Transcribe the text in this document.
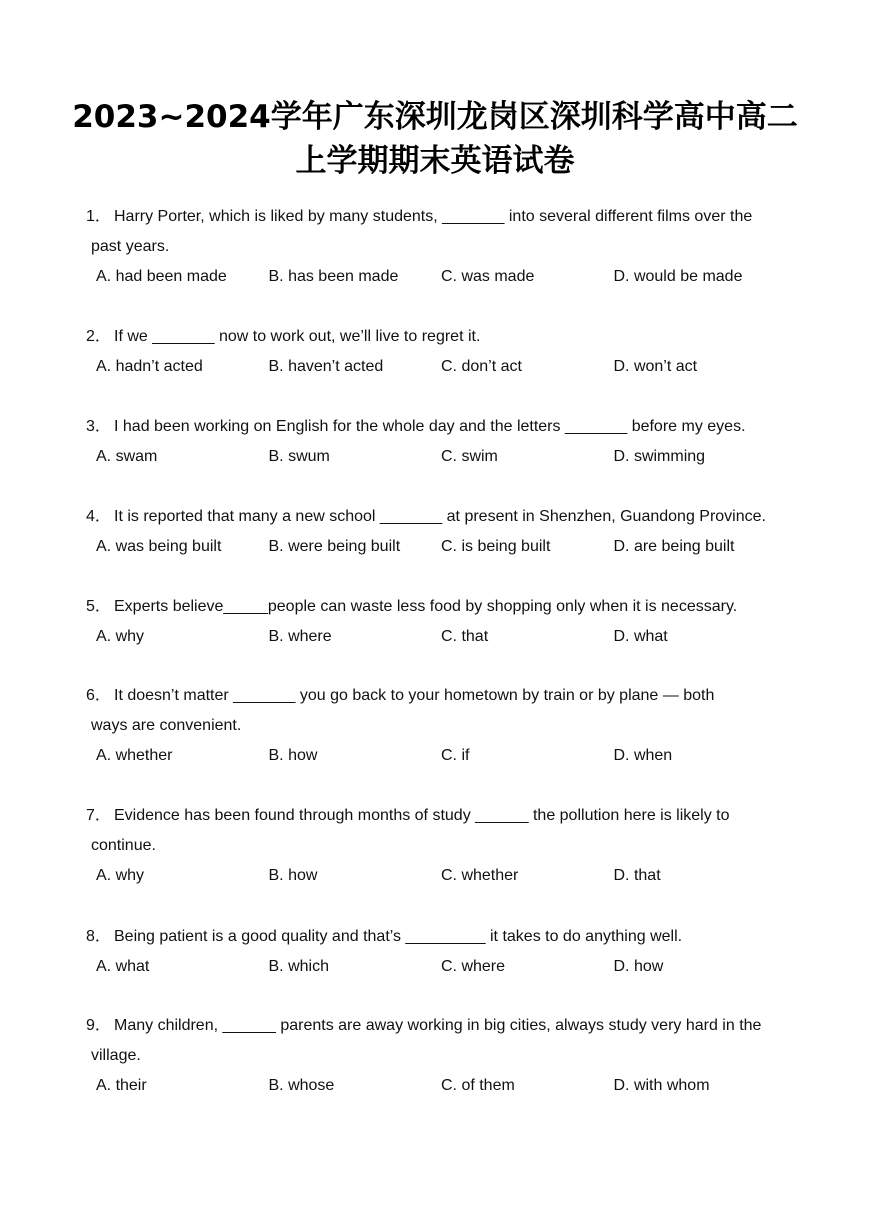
2023~2024学年广东深圳龙岗区深圳科学高中高二
上学期期末英语试卷
1． Harry Porter, which is liked by many students, _______ into several different films over the
past years.
A. had been made	B. has been made	C. was made	D. would be made
2． If we _______ now to work out, we’ll live to regret it.
A. hadn’t acted	B. haven’t acted	C. don’t act	D. won’t act
3． I had been working on English for the whole day and the letters _______ before my eyes.
A. swam	B. swum	C. swim	D. swimming
4． It is reported that many a new school _______ at present in Shenzhen, Guandong Province.
A. was being built	B. were being built	C. is being built	D. are being built
5． Experts believe_____people can waste less food by shopping only when it is necessary.
A. why	B. where	C. that	D. what
6． It doesn’t matter _______ you go back to your hometown by train or by plane — both
ways are convenient.
A. whether	B. how	C. if	D. when
7． Evidence has been found through months of study ______ the pollution here is likely to
continue.
A. why	B. how	C. whether	D. that
8． Being patient is a good quality and that’s _________ it takes to do anything well.
A. what	B. which	C. where	D. how
9． Many children, ______ parents are away working in big cities, always study very hard in the
village.
A. their	B. whose	C. of them	D. with whom
